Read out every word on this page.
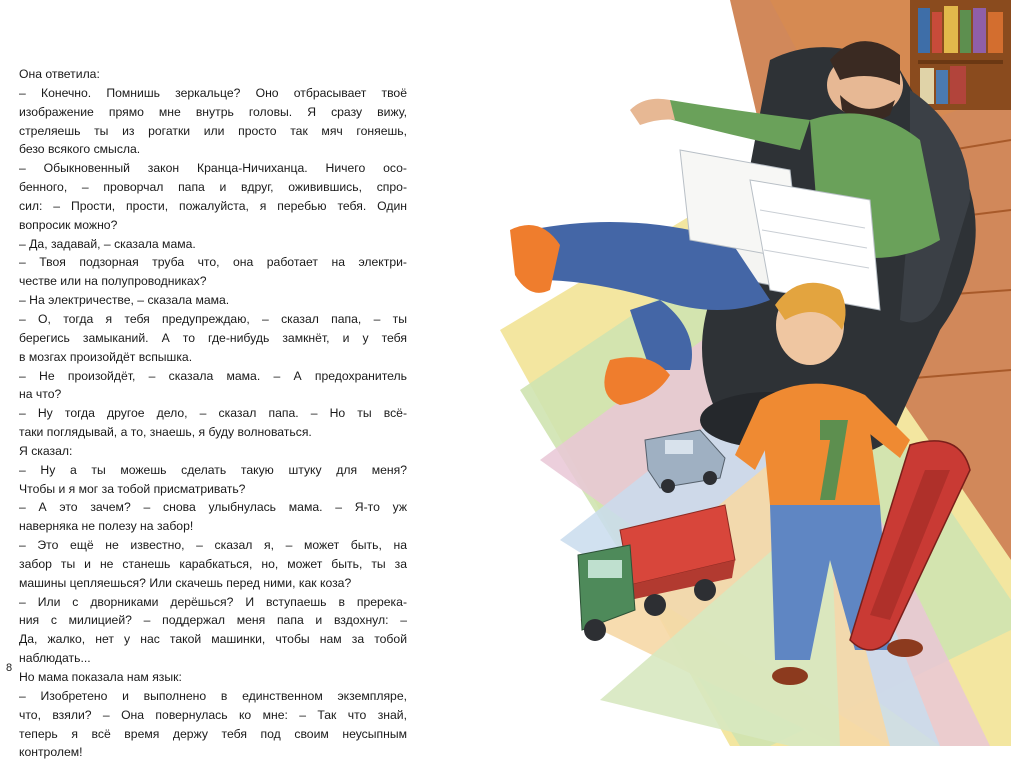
Она ответила:
– Конечно. Помнишь зеркальце? Оно отбрасывает твоё
изображение прямо мне внутрь головы. Я сразу вижу,
стреляешь ты из рогатки или просто так мяч гоняешь,
безо всякого смысла.
– Обыкновенный закон Кранца-Ничиханца. Ничего осо-
бенного, – проворчал папа и вдруг, оживившись, спро-
сил: – Прости, прости, пожалуйста, я перебью тебя. Один
вопросик можно?
– Да, задавай, – сказала мама.
– Твоя подзорная труба что, она работает на электри-
честве или на полупроводниках?
– На электричестве, – сказала мама.
– О, тогда я тебя предупреждаю, – сказал папа, – ты
берегись замыканий. А то где-нибудь замкнёт, и у тебя
в мозгах произойдёт вспышка.
– Не произойдёт, – сказала мама. – А предохранитель
на что?
– Ну тогда другое дело, – сказал папа. – Но ты всё-
таки поглядывай, а то, знаешь, я буду волноваться.
Я сказал:
– Ну а ты можешь сделать такую штуку для меня?
Чтобы и я мог за тобой присматривать?
– А это зачем? – снова улыбнулась мама. – Я-то уж
наверняка не полезу на забор!
– Это ещё не известно, – сказал я, – может быть, на
забор ты и не станешь карабкаться, но, может быть, ты за
машины цепляешься? Или скачешь перед ними, как коза?
– Или с дворниками дерёшься? И вступаешь в пререка-
ния с милицией? – поддержал меня папа и вздохнул: –
Да, жалко, нет у нас такой машинки, чтобы нам за тобой
наблюдать...
Но мама показала нам язык:
– Изобретено и выполнено в единственном экземпляре,
что, взяли? – Она повернулась ко мне: – Так что знай,
теперь я всё время держу тебя под своим неусыпным
контролем!
8
